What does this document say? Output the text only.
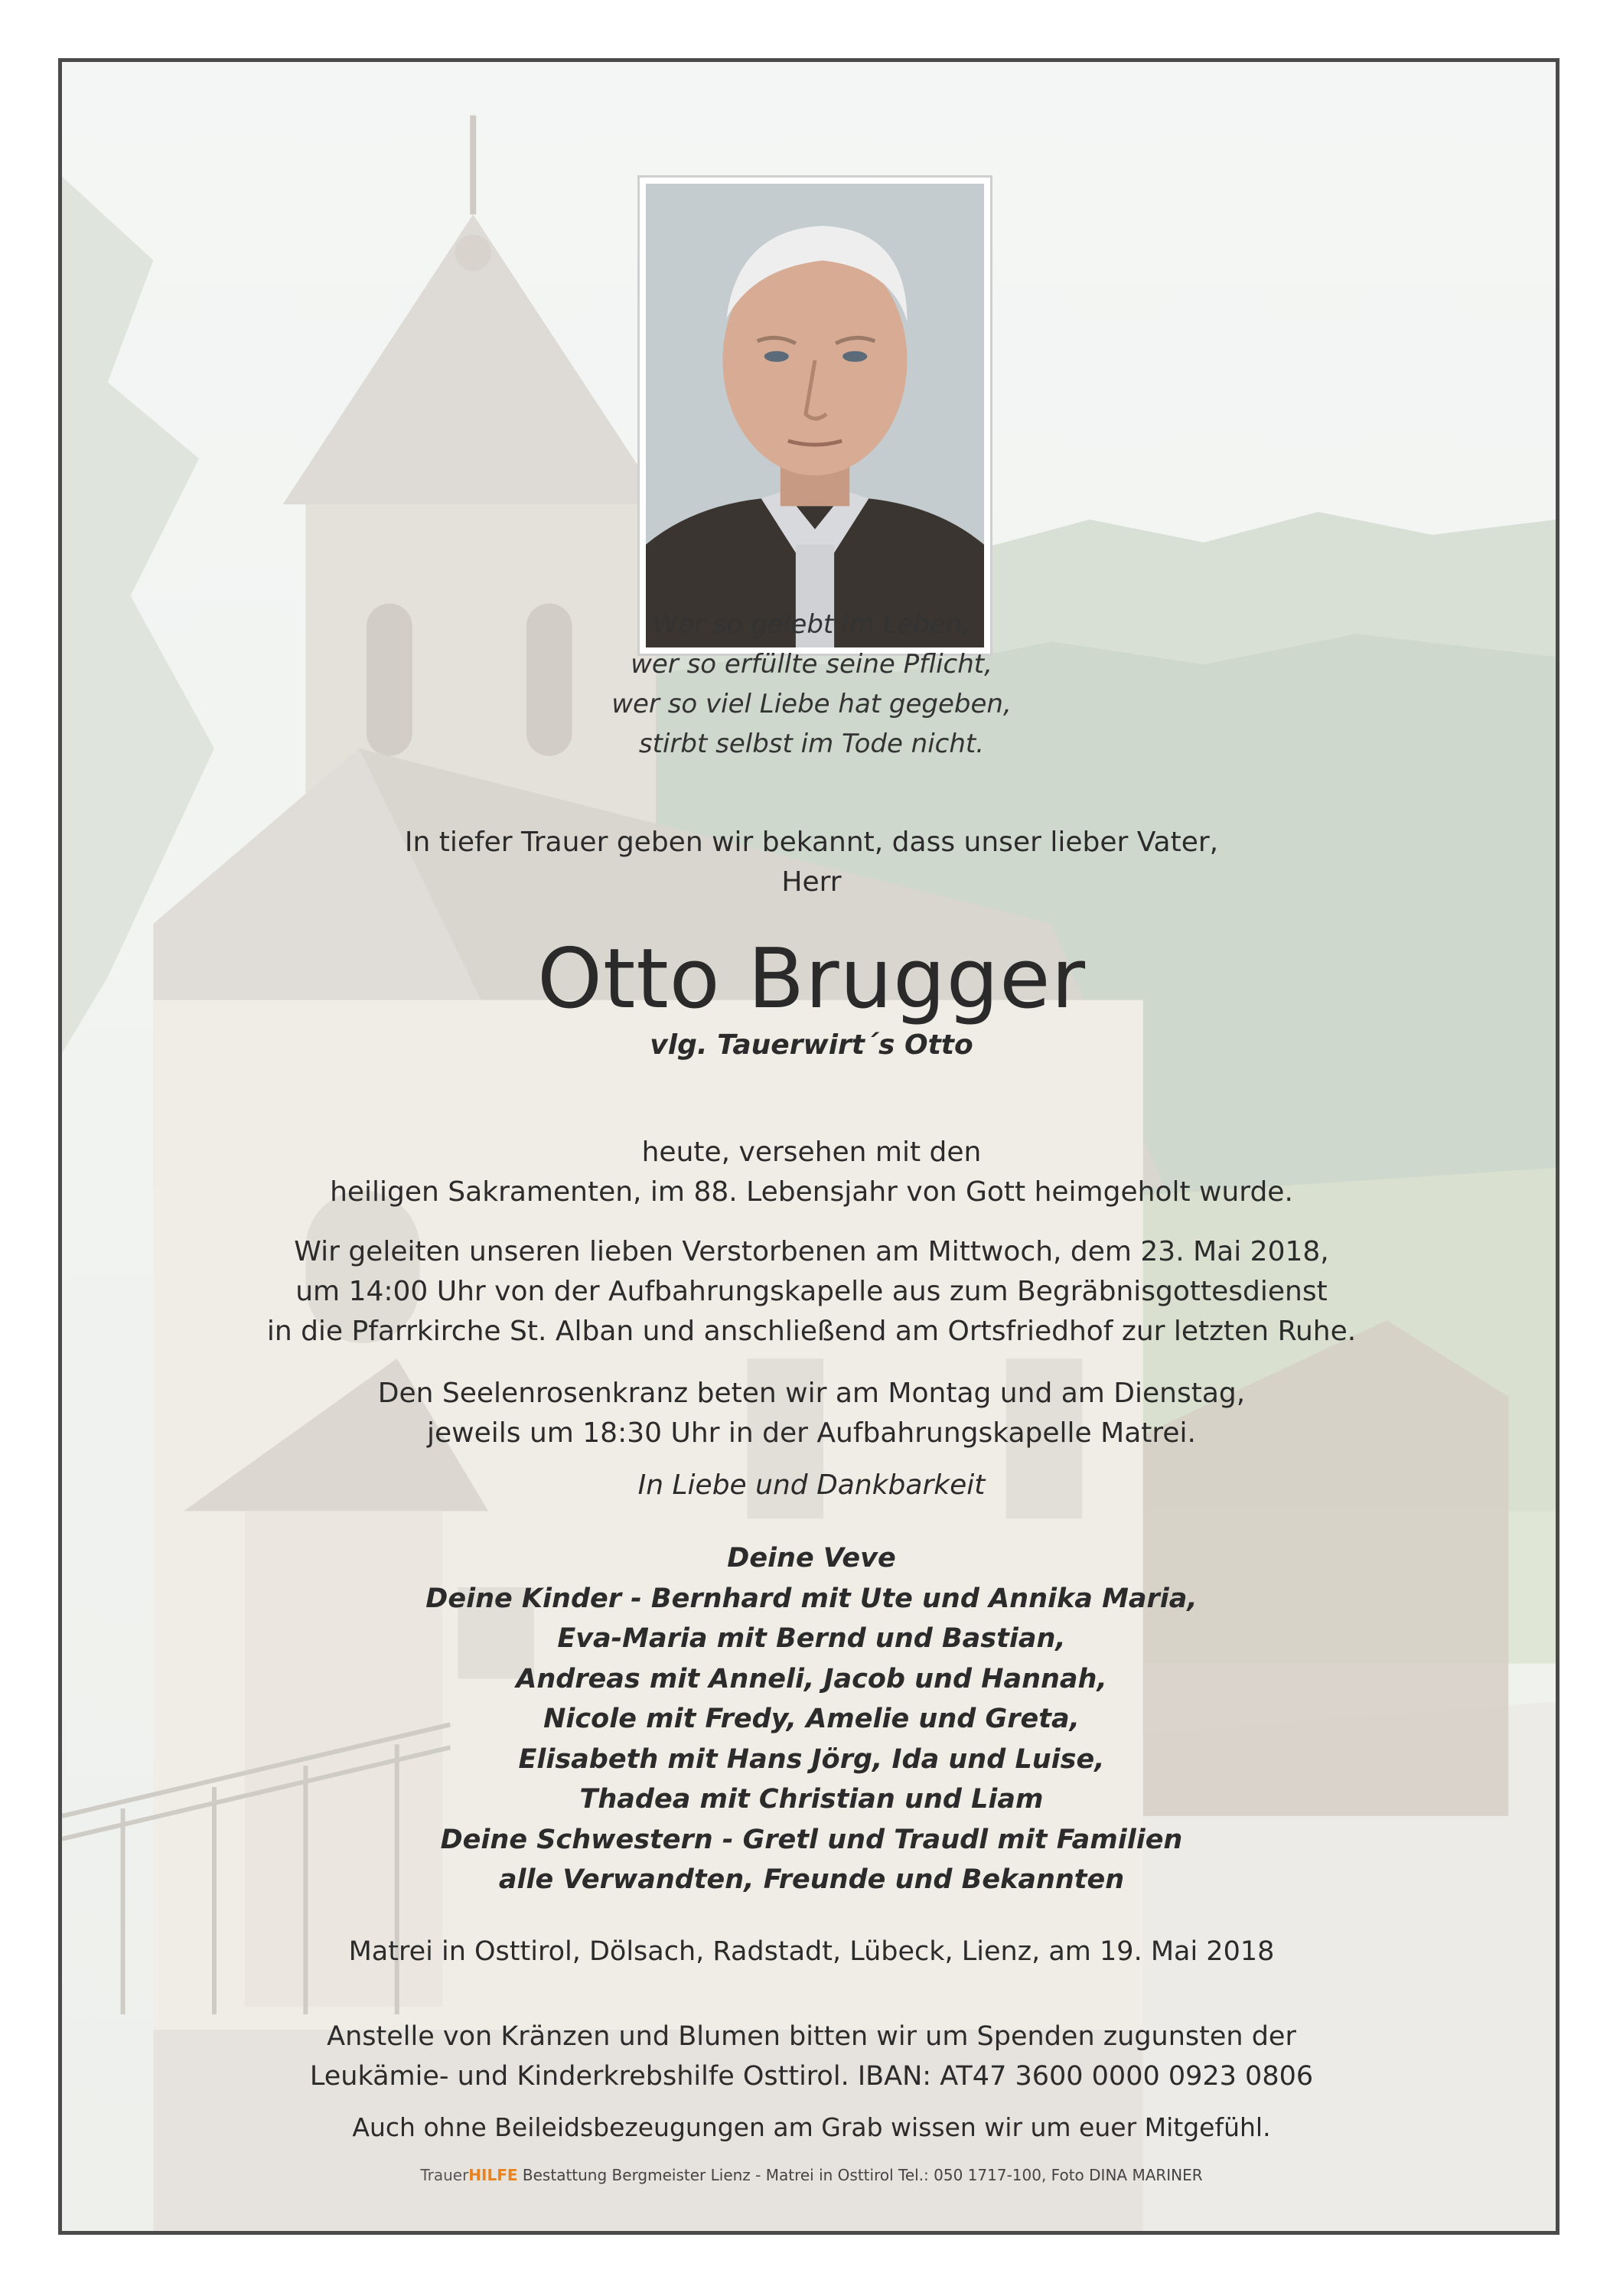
Wer so gelebt im Leben,
wer so erfüllte seine Pflicht,
wer so viel Liebe hat gegeben,
stirbt selbst im Tode nicht.
In tiefer Trauer geben wir bekannt, dass unser lieber Vater,
Herr
Otto Brugger
vlg. Tauerwirt´s Otto
heute, versehen mit den
heiligen Sakramenten, im 88. Lebensjahr von Gott heimgeholt wurde.
Wir geleiten unseren lieben Verstorbenen am Mittwoch, dem 23. Mai 2018,
um 14:00 Uhr von der Aufbahrungskapelle aus zum Begräbnisgottesdienst
in die Pfarrkirche St. Alban und anschließend am Ortsfriedhof zur letzten Ruhe.
Den Seelenrosenkranz beten wir am Montag und am Dienstag,
jeweils um 18:30 Uhr in der Aufbahrungskapelle Matrei.
In Liebe und Dankbarkeit
Deine Veve
Deine Kinder - Bernhard mit Ute und Annika Maria,
Eva-Maria mit Bernd und Bastian,
Andreas mit Anneli, Jacob und Hannah,
Nicole mit Fredy, Amelie und Greta,
Elisabeth mit Hans Jörg, Ida und Luise,
Thadea mit Christian und Liam
Deine Schwestern - Gretl und Traudl mit Familien
alle Verwandten, Freunde und Bekannten
Matrei in Osttirol, Dölsach, Radstadt, Lübeck, Lienz, am 19. Mai 2018
Anstelle von Kränzen und Blumen bitten wir um Spenden zugunsten der
Leukämie- und Kinderkrebshilfe Osttirol. IBAN: AT47 3600 0000 0923 0806
Auch ohne Beileidsbezeugungen am Grab wissen wir um euer Mitgefühl.
TrauerHILFE Bestattung Bergmeister Lienz - Matrei in Osttirol Tel.: 050 1717-100, Foto DINA MARINER
